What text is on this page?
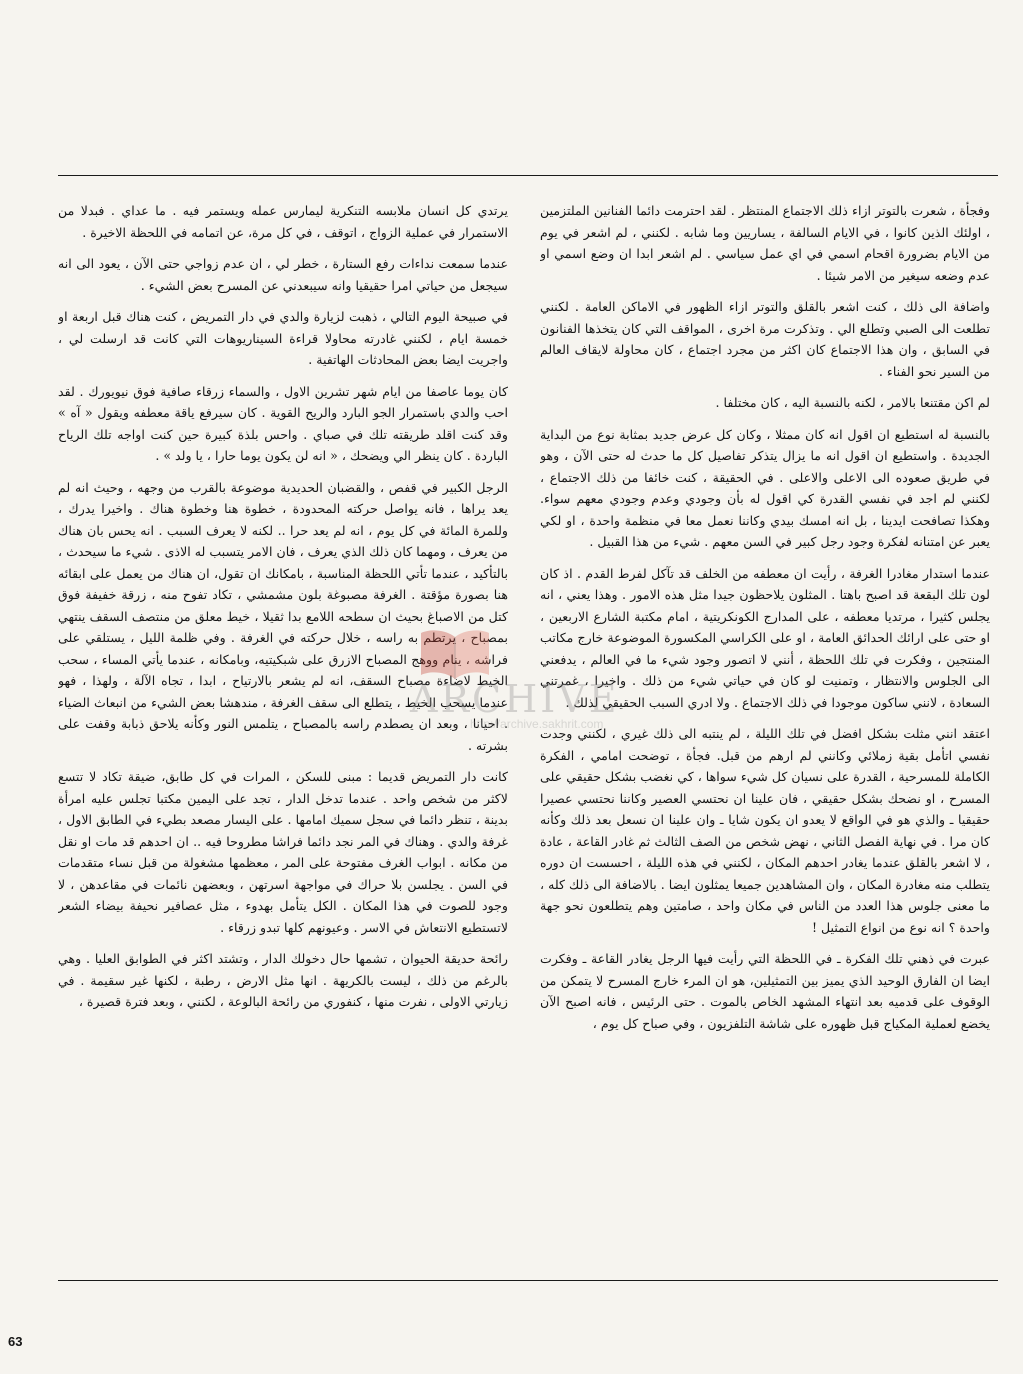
وفجأة ، شعرت بالتوتر ازاء ذلك الاجتماع المنتظر . لقد احترمت دائما الفنانين الملتزمين ، اولئك الذين كانوا ، في الايام السالفة ، يساريين وما شابه . لكنني ، لم اشعر في يوم من الايام بضرورة اقحام اسمي في اي عمل سياسي . لم اشعر ابدا ان وضع اسمي او عدم وضعه سيغير من الامر شيئا .

واضافة الى ذلك ، كنت اشعر بالقلق والتوتر ازاء الظهور في الاماكن العامة . لكنني تطلعت الى الصبي وتطلع الي . وتذكرت مرة اخرى ، المواقف التي كان يتخذها الفنانون في السابق ، وان هذا الاجتماع كان اكثر من مجرد اجتماع ، كان محاولة لايقاف العالم من السير نحو الفناء .

لم اكن مقتنعا بالامر ، لكنه بالنسبة اليه ، كان مختلفا .

بالنسبة له استطيع ان اقول انه كان ممثلا ، وكان كل عرض جديد بمثابة نوع من البداية الجديدة . واستطيع ان اقول انه ما يزال يتذكر تفاصيل كل ما حدث له حتى الآن ، وهو في طريق صعوده الى الاعلى والاعلى . في الحقيقة ، كنت خائفا من ذلك الاجتماع ، لكنني لم اجد في نفسي القدرة كي اقول له بأن وجودي وعدم وجودي معهم سواء. وهكذا تصافحت ايدينا ، بل انه امسك بيدي وكاننا نعمل معا في منظمة واحدة ، او لكي يعبر عن امتنانه لفكرة وجود رجل كبير في السن معهم . شيء من هذا القبيل .

عندما استدار مغادرا الغرفة ، رأيت ان معطفه من الخلف قد تآكل لفرط القدم . اذ كان لون تلك البقعة قد اصبح باهتا . المثلون يلاحظون جيدا مثل هذه الامور . وهذا يعني ، انه يجلس كثيرا ، مرتديا معطفه ، على المدارج الكونكريتية ، امام مكتبة الشارع الاربعين ، او حتى على ارائك الحدائق العامة ، او على الكراسي المكسورة الموضوعة خارج مكاتب المنتجين ، وفكرت في تلك اللحظة ، أنني لا اتصور وجود شيء ما في العالم ، يدفعني الى الجلوس والانتظار ، وتمنيت لو كان في حياتي شيء من ذلك . واخيرا ، غمرتني السعادة ، لانني ساكون موجودا في ذلك الاجتماع . ولا ادري السبب الحقيقي لذلك .

اعتقد انني مثلت بشكل افضل في تلك الليلة ، لم ينتبه الى ذلك غيري ، لكنني وجدت نفسي اتأمل بقية زملائي وكانني لم ارهم من قبل. فجأة ، توضحت امامي ، الفكرة الكاملة للمسرحية ، القدرة على نسيان كل شيء سواها ، كي نغضب بشكل حقيقي على المسرح ، او نضحك بشكل حقيقي ، فان علينا ان نحتسي العصير وكاننا نحتسي عصيرا حقيقيا ـ والذي هو في الواقع لا يعدو ان يكون شايا ـ وان علينا ان نسعل بعد ذلك وكأنه كان مرا . في نهاية الفصل الثاني ، نهض شخص من الصف الثالث ثم غادر القاعة ، عادة ، لا اشعر بالقلق عندما يغادر احدهم المكان ، لكنني في هذه الليلة ، احسست ان دوره يتطلب منه مغادرة المكان ، وان المشاهدين جميعا يمثلون ايضا . بالاضافة الى ذلك كله ، ما معنى جلوس هذا العدد من الناس في مكان واحد ، صامتين وهم يتطلعون نحو جهة واحدة ؟ انه نوع من انواع التمثيل !

عبرت في ذهني تلك الفكرة ـ في اللحظة التي رأيت فيها الرجل يغادر القاعة ـ وفكرت ايضا ان الفارق الوحيد الذي يميز بين التمثيلين، هو ان المرء خارج المسرح لا يتمكن من الوقوف على قدميه بعد انتهاء المشهد الخاص بالموت . حتى الرئيس ، فانه اصبح الآن يخضع لعملية المكياج قبل ظهوره على شاشة التلفزيون ، وفي صباح كل يوم ،

يرتدي كل انسان ملابسه التنكرية ليمارس عمله ويستمر فيه . ما عداي . فبدلا من الاستمرار في عملية الزواج ، اتوقف ، في كل مرة، عن اتمامه في اللحظة الاخيرة .

عندما سمعت نداءات رفع الستارة ، خطر لي ، ان عدم زواجي حتى الآن ، يعود الى انه سيجعل من حياتي امرا حقيقيا وانه سيبعدني عن المسرح بعض الشيء .

في صبيحة اليوم التالي ، ذهبت لزيارة والدي في دار التمريض ، كنت هناك قبل اربعة او خمسة ايام ، لكنني غادرته محاولا قراءة السيناريوهات التي كانت قد ارسلت لي ، واجريت ايضا بعض المحادثات الهاتفية .

كان يوما عاصفا من ايام شهر تشرين الاول ، والسماء زرقاء صافية فوق نيويورك . لقد احب والدي باستمرار الجو البارد والريح القوية . كان سيرفع ياقة معطفه ويقول « آه » وقد كنت اقلد طريقته تلك في صباي . واحس بلذة كبيرة حين كنت اواجه تلك الرياح الباردة . كان ينظر الي ويضحك ، « انه لن يكون يوما حارا ، يا ولد » .

الرجل الكبير في قفص ، والقضبان الحديدية موضوعة بالقرب من وجهه ، وحيث انه لم يعد يراها ، فانه يواصل حركته المحدودة ، خطوة هنا وخطوة هناك . واخيرا يدرك ، وللمرة المائة في كل يوم ، انه لم يعد حرا .. لكنه لا يعرف السبب . انه يحس بان هناك من يعرف ، ومهما كان ذلك الذي يعرف ، فان الامر يتسبب له الاذى . شيء ما سيحدث ، بالتأكيد ، عندما تأتي اللحظة المناسبة ، بامكانك ان تقول، ان هناك من يعمل على ابقائه هنا بصورة مؤقتة . الغرفة مصبوغة بلون مشمشي ، تكاد تفوح منه ، زرقة خفيفة فوق كتل من الاصباغ بحيث ان سطحه اللامع بدا ثقيلا ، خيط معلق من منتصف السقف ينتهي بمصباح ، يرتطم به راسه ، خلال حركته في الغرفة . وفي ظلمة الليل ، يستلقي على فراشه ، ينام ووهج المصباح الازرق على شبكيتيه، وبامكانه ، عندما يأتي المساء ، سحب الخيط لاضاءة مصباح السقف، انه لم يشعر بالارتياح ، ابدا ، تجاه الآلة ، ولهذا ، فهو عندما يسحب الخيط ، يتطلع الى سقف الغرفة ، مندهشا بعض الشيء من انبعاث الضياء . احيانا ، وبعد ان يصطدم راسه بالمصباح ، يتلمس النور وكأنه يلاحق ذبابة وقفت على بشرته .

كانت دار التمريض قديما : مبنى للسكن ، المرات في كل طابق، ضيقة تكاد لا تتسع لاكثر من شخص واحد . عندما تدخل الدار ، تجد على اليمين مكتبا تجلس عليه امرأة بدينة ، تنظر دائما في سجل سميك امامها . على اليسار مصعد بطيء في الطابق الاول ، غرفة والدي . وهناك في المر نجد دائما فراشا مطروحا فيه .. ان احدهم قد مات او نقل من مكانه . ابواب الغرف مفتوحة على المر ، معظمها مشغولة من قبل نساء متقدمات في السن . يجلسن بلا حراك في مواجهة اسرتهن ، وبعضهن نائمات في مقاعدهن ، لا وجود للصوت في هذا المكان . الكل يتأمل بهدوء ، مثل عصافير نحيفة بيضاء الشعر لاتستطيع الانتعاش في الاسر . وعيونهم كلها تبدو زرقاء .

رائحة حديقة الحيوان ، تشمها حال دخولك الدار ، وتشتد اكثر في الطوابق العليا . وهي بالرغم من ذلك ، ليست بالكريهة . انها مثل الارض ، رطبة ، لكنها غير سقيمة . في زيارتي الاولى ، نفرت منها ، كنفوري من رائحة البالوعة ، لكنني ، وبعد فترة قصيرة ،

ARCHIVE
http://archive.sakhrit.com
63
